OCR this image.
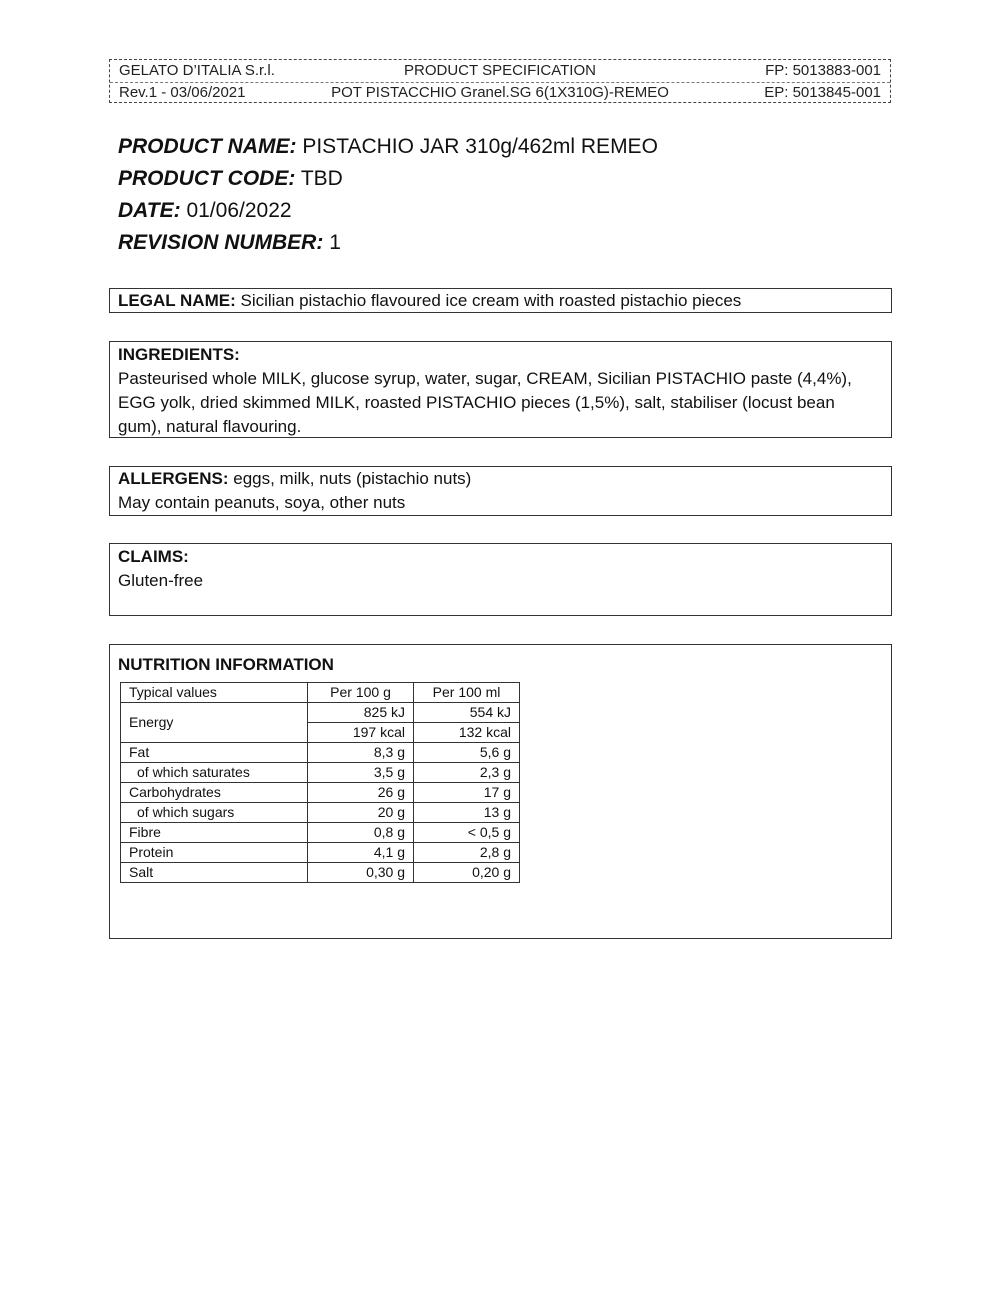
GELATO D’ITALIA S.r.l.	PRODUCT SPECIFICATION	FP: 5013883-001
Rev.1 - 03/06/2021	POT PISTACCHIO Granel.SG 6(1X310G)-REMEO	EP: 5013845-001
PRODUCT NAME: PISTACHIO JAR 310g/462ml REMEO
PRODUCT CODE: TBD
DATE: 01/06/2022
REVISION NUMBER: 1
LEGAL NAME: Sicilian pistachio flavoured ice cream with roasted pistachio pieces
INGREDIENTS:
Pasteurised whole MILK, glucose syrup, water, sugar, CREAM, Sicilian PISTACHIO paste (4,4%),
EGG yolk, dried skimmed MILK, roasted PISTACHIO pieces (1,5%), salt, stabiliser (locust bean
gum), natural flavouring.
ALLERGENS: eggs, milk, nuts (pistachio nuts)
May contain peanuts, soya, other nuts
CLAIMS:
Gluten-free
NUTRITION INFORMATION
Typical values	Per 100 g	Per 100 ml
Energy	825 kJ	554 kJ
	197 kcal	132 kcal
Fat	8,3 g	5,6 g
of which saturates	3,5 g	2,3 g
Carbohydrates	26 g	17 g
of which sugars	20 g	13 g
Fibre	0,8 g	< 0,5 g
Protein	4,1 g	2,8 g
Salt	0,30 g	0,20 g
